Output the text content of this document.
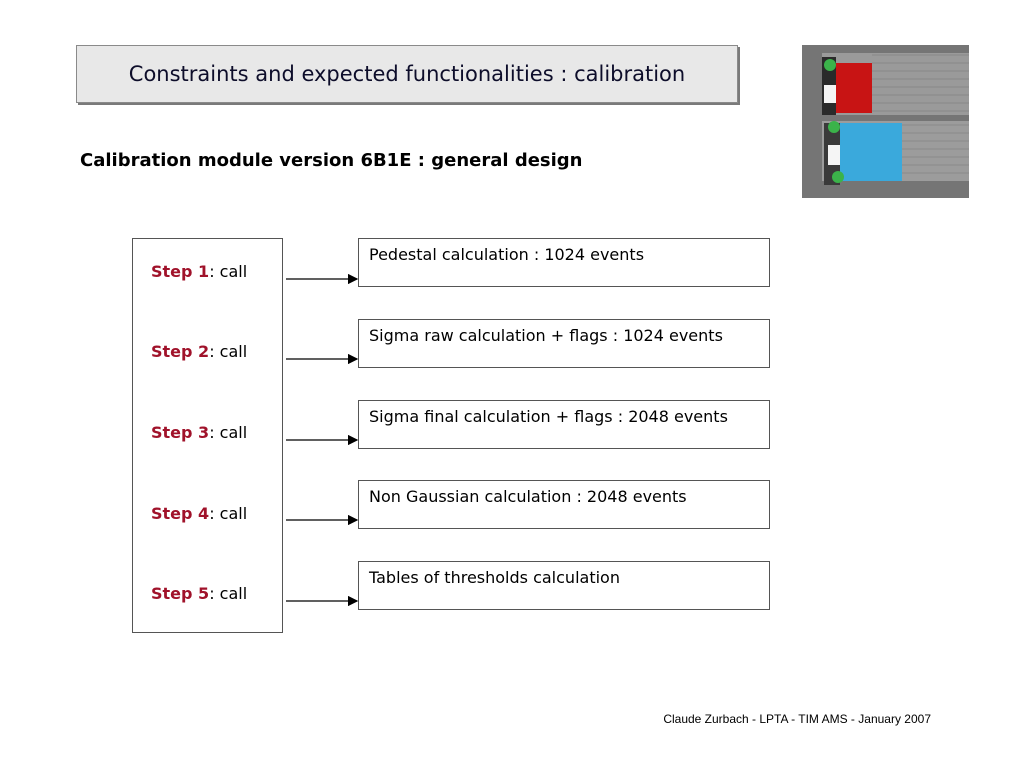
Constraints and expected functionalities : calibration
Calibration module version 6B1E : general design
Step 1: call
Step 2: call
Step 3: call
Step 4: call
Step 5: call
Pedestal calculation : 1024 events
Sigma raw calculation + flags : 1024 events
Sigma final calculation + flags : 2048 events
Non Gaussian calculation : 2048 events
Tables of thresholds calculation
Claude Zurbach - LPTA - TIM AMS - January 2007
